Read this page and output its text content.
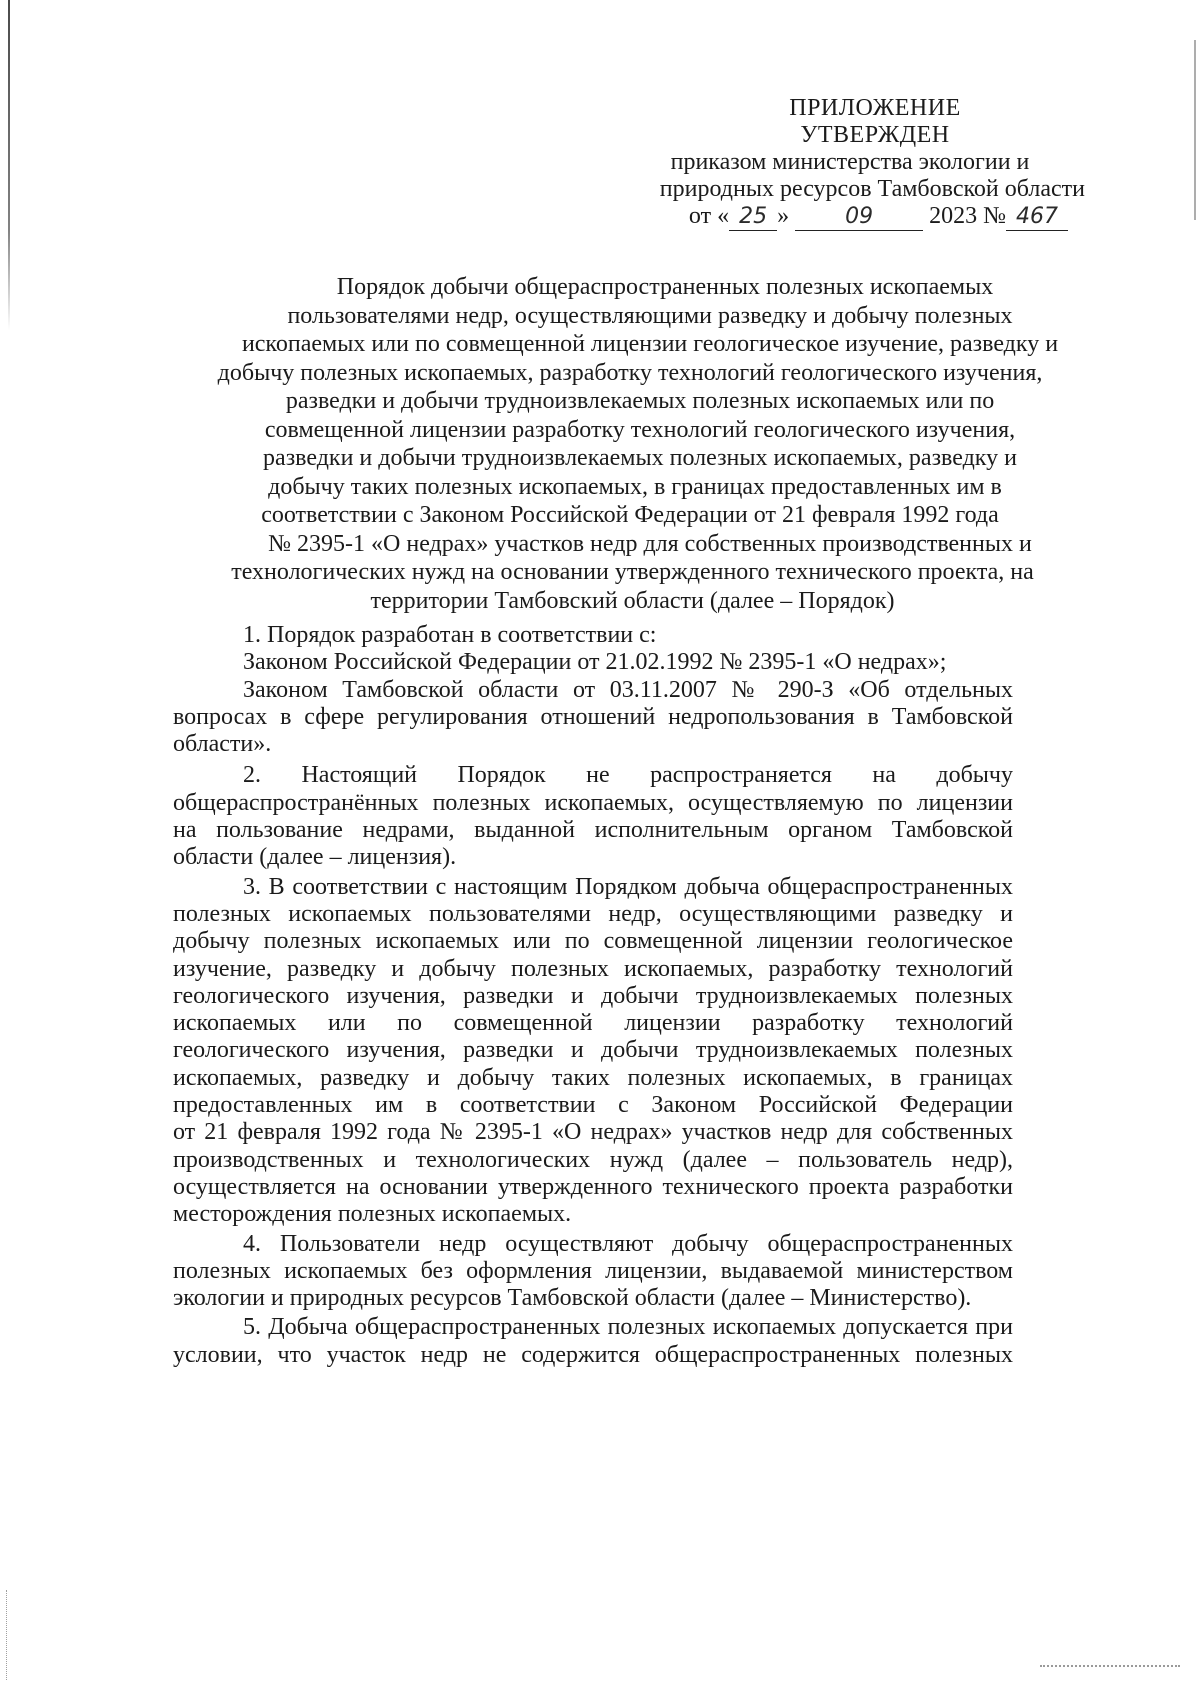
ПРИЛОЖЕНИЕ
УТВЕРЖДЕН
приказом министерства экологии и
природных ресурсов Тамбовской области
от « 25 »	09 2023 № 467
Порядок добычи общераспространенных полезных ископаемых
пользователями недр, осуществляющими разведку и добычу полезных
ископаемых или по совмещенной лицензии геологическое изучение, разведку и
добычу полезных ископаемых, разработку технологий геологического изучения,
разведки и добычи трудноизвлекаемых полезных ископаемых или по
совмещенной лицензии разработку технологий геологического изучения,
разведки и добычи трудноизвлекаемых полезных ископаемых, разведку и
добычу таких полезных ископаемых, в границах предоставленных им в
соответствии с Законом Российской Федерации от 21 февраля 1992 года
№ 2395-1 «О недрах» участков недр для собственных производственных и
технологических нужд на основании утвержденного технического проекта, на
территории Тамбовский области (далее – Порядок)
1. Порядок разработан в соответствии с:
Законом Российской Федерации от 21.02.1992 № 2395-1 «О недрах»;
Законом Тамбовской области от 03.11.2007 № 290-З «Об отдельных
вопросах в сфере регулирования отношений недропользования в Тамбовской
области».
2. Настоящий Порядок не распространяется на добычу
общераспространённых полезных ископаемых, осуществляемую по лицензии
на пользование недрами, выданной исполнительным органом Тамбовской
области (далее – лицензия).
3. В соответствии с настоящим Порядком добыча общераспространенных
полезных ископаемых пользователями недр, осуществляющими разведку и
добычу полезных ископаемых или по совмещенной лицензии геологическое
изучение, разведку и добычу полезных ископаемых, разработку технологий
геологического изучения, разведки и добычи трудноизвлекаемых полезных
ископаемых или по совмещенной лицензии разработку технологий
геологического изучения, разведки и добычи трудноизвлекаемых полезных
ископаемых, разведку и добычу таких полезных ископаемых, в границах
предоставленных им в соответствии с Законом Российской Федерации
от 21 февраля 1992 года № 2395-1 «О недрах» участков недр для собственных
производственных и технологических нужд (далее – пользователь недр),
осуществляется на основании утвержденного технического проекта разработки
месторождения полезных ископаемых.
4. Пользователи недр осуществляют добычу общераспространенных
полезных ископаемых без оформления лицензии, выдаваемой министерством
экологии и природных ресурсов Тамбовской области (далее – Министерство).
5. Добыча общераспространенных полезных ископаемых допускается при
условии, что участок недр не содержится общераспространенных полезных
